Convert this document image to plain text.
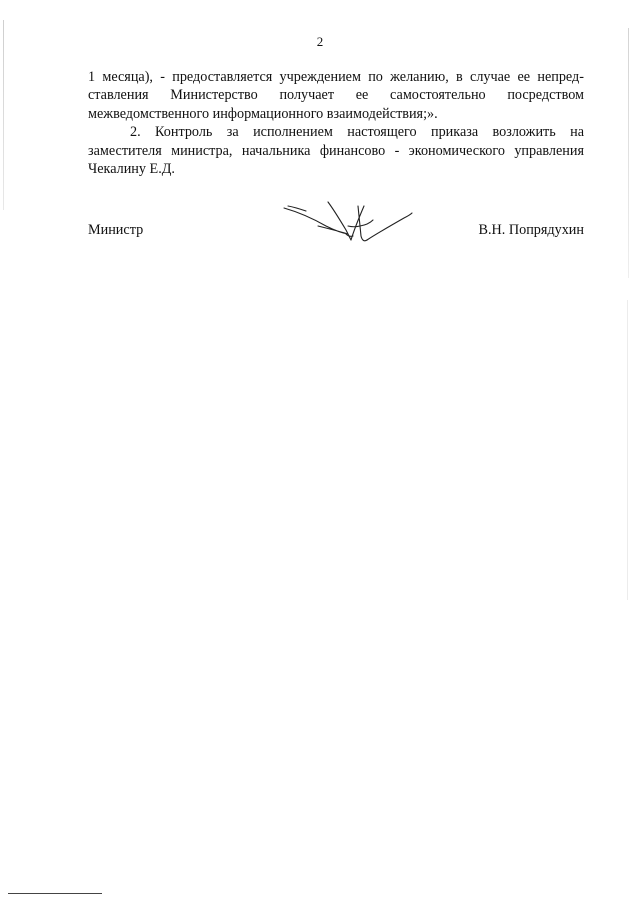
2

1 месяца), - предоставляется учреждением по желанию, в случае ее непред-ставления Министерство получает ее самостоятельно посредством межведомственного информационного взаимодействия;».

2. Контроль за исполнением настоящего приказа возложить на заместителя министра, начальника финансово - экономического управления Чекалину Е.Д.

Министр	В.Н. Попрядухин
